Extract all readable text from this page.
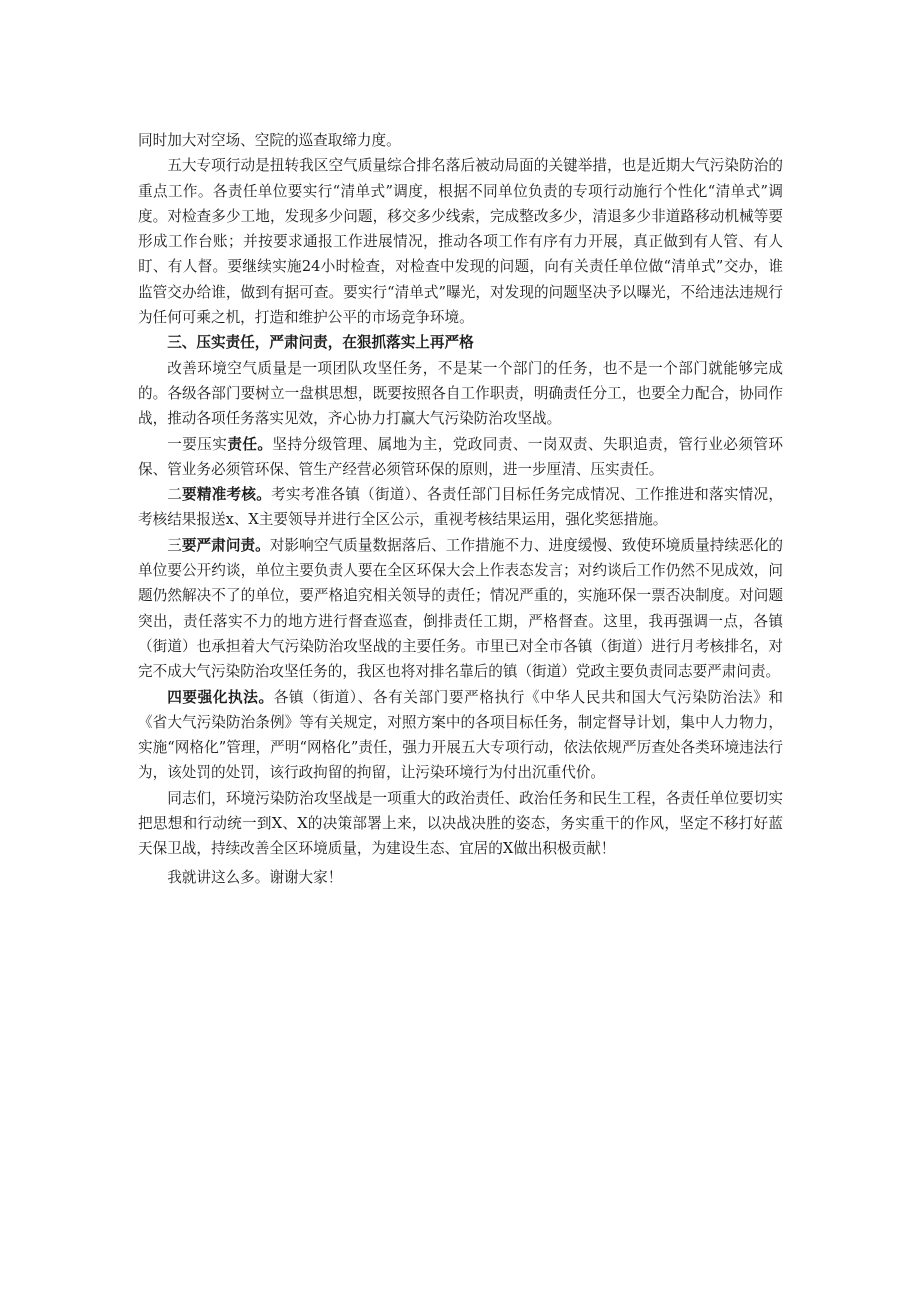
同时加大对空场、空院的巡查取缔力度。

五大专项行动是扭转我区空气质量综合排名落后被动局面的关键举措，也是近期大气污染防治的重点工作。各责任单位要实行“清单式”调度，根据不同单位负责的专项行动施行个性化“清单式”调度。对检查多少工地，发现多少问题，移交多少线索，完成整改多少，清退多少非道路移动机械等要形成工作台账；并按要求通报工作进展情况，推动各项工作有序有力开展，真正做到有人管、有人盯、有人督。要继续实施24小时检查，对检查中发现的问题，向有关责任单位做“清单式”交办，谁监管交办给谁，做到有据可查。要实行“清单式”曝光，对发现的问题坚决予以曝光，不给违法违规行为任何可乘之机，打造和维护公平的市场竞争环境。

三、压实责任，严肃问责，在狠抓落实上再严格

改善环境空气质量是一项团队攻坚任务，不是某一个部门的任务，也不是一个部门就能够完成的。各级各部门要树立一盘棋思想，既要按照各自工作职责，明确责任分工，也要全力配合，协同作战，推动各项任务落实见效，齐心协力打赢大气污染防治攻坚战。

一要压实责任。坚持分级管理、属地为主，党政同责、一岗双责、失职追责，管行业必须管环保、管业务必须管环保、管生产经营必须管环保的原则，进一步厘清、压实责任。

二要精准考核。考实考准各镇（街道）、各责任部门目标任务完成情况、工作推进和落实情况，考核结果报送x、X主要领导并进行全区公示，重视考核结果运用，强化奖惩措施。

三要严肃问责。对影响空气质量数据落后、工作措施不力、进度缓慢、致使环境质量持续恶化的单位要公开约谈，单位主要负责人要在全区环保大会上作表态发言；对约谈后工作仍然不见成效，问题仍然解决不了的单位，要严格追究相关领导的责任；情况严重的，实施环保一票否决制度。对问题突出，责任落实不力的地方进行督查巡查，倒排责任工期，严格督查。这里，我再强调一点，各镇（街道）也承担着大气污染防治攻坚战的主要任务。市里已对全市各镇（街道）进行月考核排名，对完不成大气污染防治攻坚任务的，我区也将对排名靠后的镇（街道）党政主要负责同志要严肃问责。

四要强化执法。各镇（街道）、各有关部门要严格执行《中华人民共和国大气污染防治法》和《省大气污染防治条例》等有关规定，对照方案中的各项目标任务，制定督导计划，集中人力物力，实施“网格化”管理，严明“网格化”责任，强力开展五大专项行动，依法依规严厉查处各类环境违法行为，该处罚的处罚，该行政拘留的拘留，让污染环境行为付出沉重代价。

同志们，环境污染防治攻坚战是一项重大的政治责任、政治任务和民生工程，各责任单位要切实把思想和行动统一到X、X的决策部署上来，以决战决胜的姿态，务实重干的作风，坚定不移打好蓝天保卫战，持续改善全区环境质量，为建设生态、宜居的X做出积极贡献！

我就讲这么多。谢谢大家！
